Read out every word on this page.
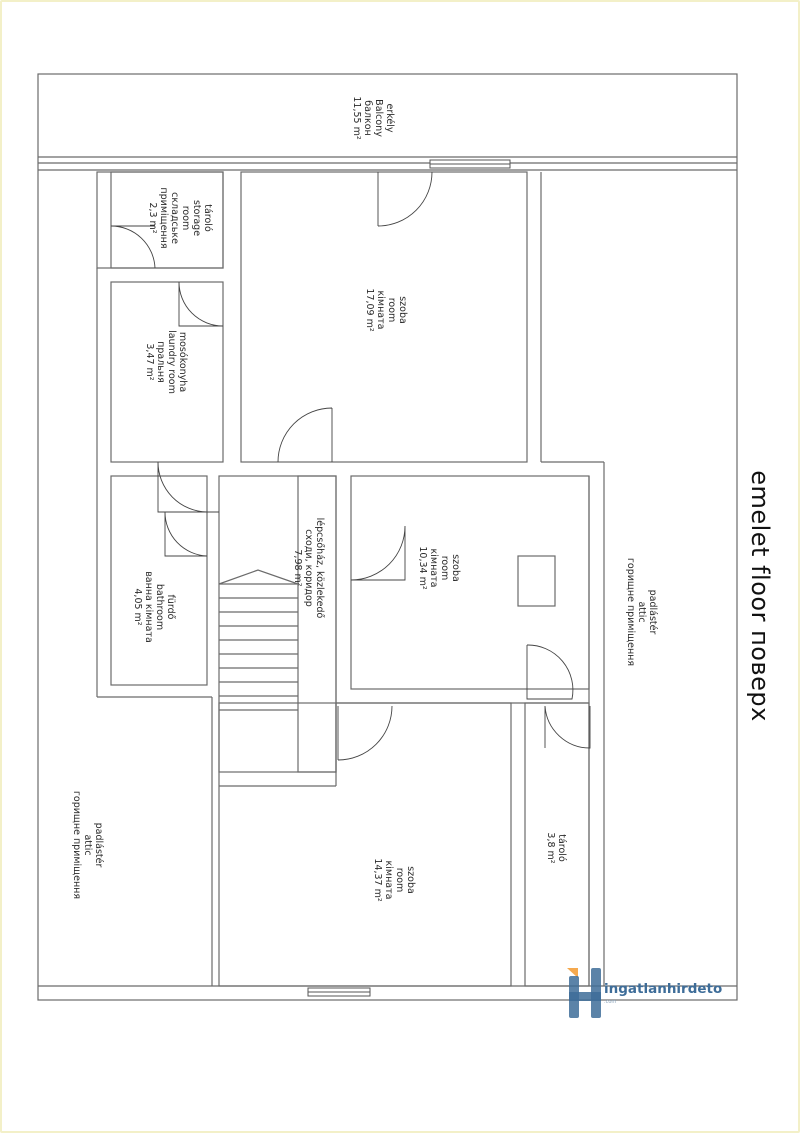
erkély
Balcony
балкон
11,55 m²
tároló
storage
room
складське
приміщення
2,3 m²
szoba
room
кімната
17,09 m²
mosókonyha
laundry room
пральня
3,47 m²
fürdő
bathroom
ванна кімната
4,05 m²	lépcsőház, közlekedő
сходи, коридор
7,98 m²	szoba
room
кімната
10,34 m²
padlástér
attic
горищне приміщення
padlástér
attic
горищне приміщення	szoba
room
кімната
14,37 m²
tároló
3,8 m²
emelet floor поверх
ingatlanhirdeto
.com
